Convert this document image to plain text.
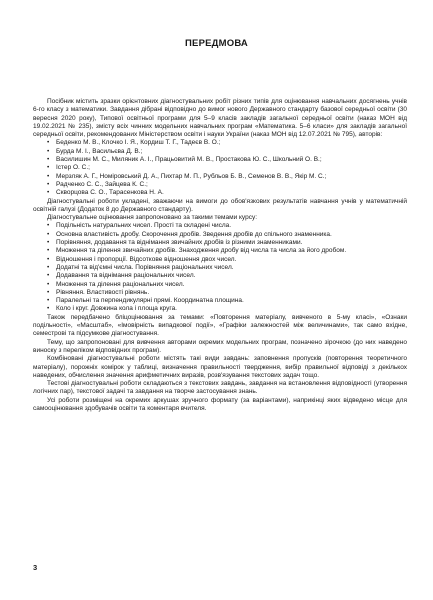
ПЕРЕДМОВА

Посібник містить зразки орієнтовних діагностувальних робіт різних типів для оцінювання навчальних досягнень учнів 6-го класу з математики. Завдання дібрані відповідно до вимог нового Державного стандарту базової середньої освіти (30 вересня 2020 року), Типової освітньої програми для 5–9 класів закладів загальної середньої освіти (наказ МОН від 19.02.2021 № 235), змісту всіх чинних модельних навчальних програм «Математика. 5–6 класи» для закладів загальної середньої освіти, рекомендованих Міністерством освіти і науки України (наказ МОН від 12.07.2021 № 795), авторів:

• Беденко М. В., Клочко І. Я., Кордиш Т. Г., Тадеєв В. О.;
• Бурда М. І., Васильєва Д. В.;
• Василишин М. С., Миляник А. І., Працьовитий М. В., Простакова Ю. С., Школьний О. В.;
• Істер О. С.;
• Мерзляк А. Г., Номіровський Д. А., Пихтар М. П., Рубльов Б. В., Семенов В. В., Якір М. С.;
• Радченко С. С., Зайцева К. С.;
• Скворцова С. О., Тарасенкова Н. А.

Діагностувальні роботи укладені, зважаючи на вимоги до обов'язкових результатів навчання учнів у математичній освітній галузі (Додаток 8 до Державного стандарту).

Діагностувальне оцінювання запропоновано за такими темами курсу:

• Подільність натуральних чисел. Прості та складені числа.
• Основна властивість дробу. Скорочення дробів. Зведення дробів до спільного знаменника.
• Порівняння, додавання та віднімання звичайних дробів із різними знаменниками.
• Множення та ділення звичайних дробів. Знаходження дробу від числа та числа за його дробом.
• Відношення і пропорції. Відсоткове відношення двох чисел.
• Додатні та від'ємні числа. Порівняння раціональних чисел.
• Додавання та віднімання раціональних чисел.
• Множення та ділення раціональних чисел.
• Рівняння. Властивості рівнянь.
• Паралельні та перпендикулярні прямі. Координатна площина.
• Коло і круг. Довжина кола і площа круга.

Також передбачено бліцоцінювання за темами: «Повторення матеріалу, вивченого в 5-му класі», «Ознаки подільності», «Масштаб», «Імовірність випадкової події», «Графіки залежностей між величинами», так само вхідне, семестрові та підсумкове діагностування.

Тему, що запропоновані для вивчення авторами окремих модельних програм, позначено зірочкою (до них наведено виноску з переліком відповідних програм).

Комбіновані діагностувальні роботи містять такі види завдань: заповнення пропусків (повторення теоретичного матеріалу), порожніх комірок у таблиці, визначення правильності твердження, вибір правильної відповіді з декількох наведених, обчислення значення арифметичних виразів, розв'язування текстових задач тощо.

Тестові діагностувальні роботи складаються з текстових завдань, завдання на встановлення відповідності (утворення логічних пар), текстової задачі та завдання на творче застосування знань.

Усі роботи розміщені на окремих аркушах зручного формату (за варіантами), наприкінці яких відведено місце для самооцінювання здобувачів освіти та коментаря вчителя.

3
